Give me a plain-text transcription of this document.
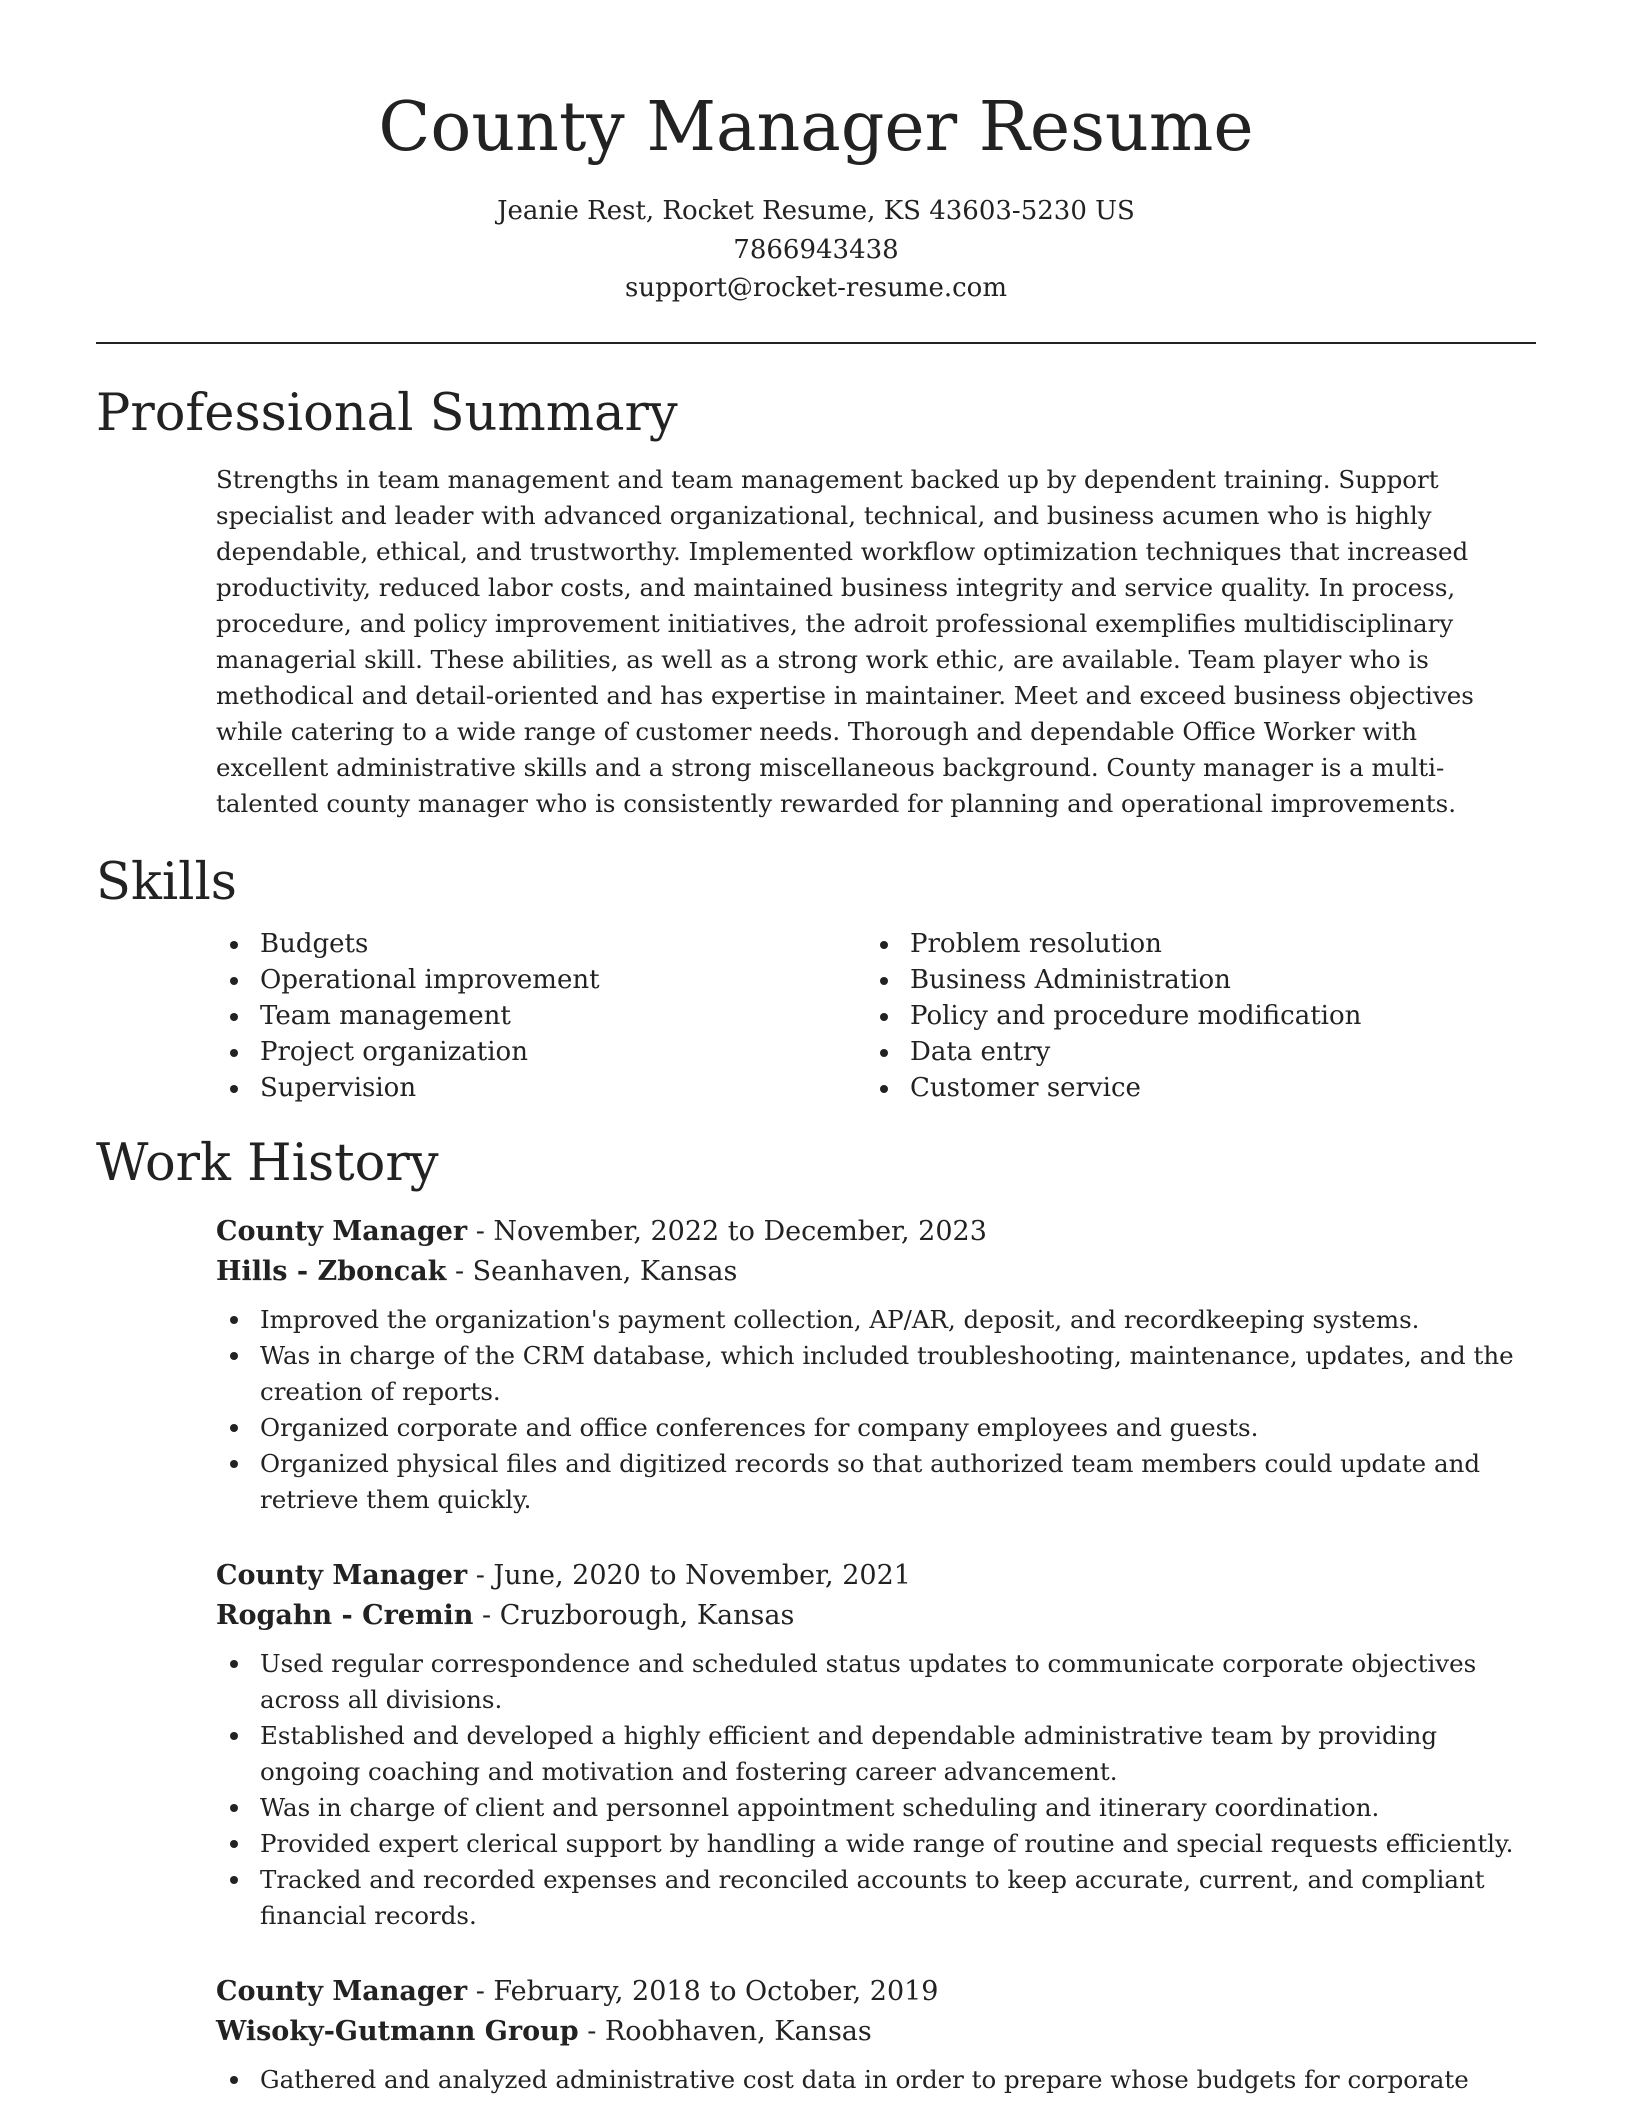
County Manager Resume
Jeanie Rest, Rocket Resume, KS 43603-5230 US
7866943438
support@rocket-resume.com
Professional Summary

Strengths in team management and team management backed up by dependent training. Support specialist and leader with advanced organizational, technical, and business acumen who is highly dependable, ethical, and trustworthy. Implemented workflow optimization techniques that increased productivity, reduced labor costs, and maintained business integrity and service quality. In process, procedure, and policy improvement initiatives, the adroit professional exemplifies multidisciplinary managerial skill. These abilities, as well as a strong work ethic, are available. Team player who is methodical and detail-oriented and has expertise in maintainer. Meet and exceed business objectives while catering to a wide range of customer needs. Thorough and dependable Office Worker with excellent administrative skills and a strong miscellaneous background. County manager is a multi-talented county manager who is consistently rewarded for planning and operational improvements.

Skills
Budgets
Operational improvement
Team management
Project organization
Supervision
Problem resolution
Business Administration
Policy and procedure modification
Data entry
Customer service
Work History
County Manager - November, 2022 to December, 2023
Hills - Zboncak - Seanhaven, Kansas
Improved the organization's payment collection, AP/AR, deposit, and recordkeeping systems.
Was in charge of the CRM database, which included troubleshooting, maintenance, updates, and the creation of reports.
Organized corporate and office conferences for company employees and guests.
Organized physical files and digitized records so that authorized team members could update and retrieve them quickly.
County Manager - June, 2020 to November, 2021
Rogahn - Cremin - Cruzborough, Kansas
Used regular correspondence and scheduled status updates to communicate corporate objectives across all divisions.
Established and developed a highly efficient and dependable administrative team by providing ongoing coaching and motivation and fostering career advancement.
Was in charge of client and personnel appointment scheduling and itinerary coordination.
Provided expert clerical support by handling a wide range of routine and special requests efficiently.
Tracked and recorded expenses and reconciled accounts to keep accurate, current, and compliant financial records.
County Manager - February, 2018 to October, 2019
Wisoky-Gutmann Group - Roobhaven, Kansas
Gathered and analyzed administrative cost data in order to prepare whose budgets for corporate
